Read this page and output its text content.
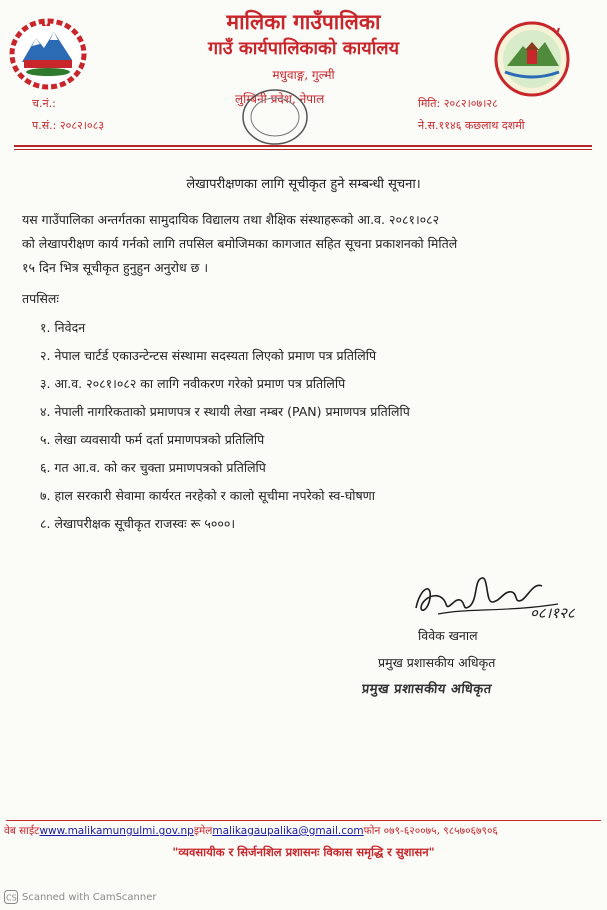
मालिका गाउँपालिका
गाउँ कार्यपालिकाको कार्यालय
मधुवाङ्ग, गुल्मी
लुम्बिनी प्रदेश, नेपाल
च.नं.:
प.सं.: २०८२।०८३
मिति: २०८२।०७।२८
ने.स.११४६ कछलाथ दशमी
लेखापरीक्षणका लागि सूचीकृत हुने सम्बन्धी सूचना।
यस गाउँपालिका अन्तर्गतका सामुदायिक विद्यालय तथा शैक्षिक संस्थाहरूको आ.व. २०८१।०८२
को लेखापरीक्षण कार्य गर्नको लागि तपसिल बमोजिमका कागजात सहित सूचना प्रकाशनको मितिले
१५ दिन भित्र सूचीकृत हुनुहुन अनुरोध छ ।
तपसिलः
१. निवेदन
२. नेपाल चार्टर्ड एकाउन्टेन्टस संस्थामा सदस्यता लिएको प्रमाण पत्र प्रतिलिपि
३. आ.व. २०८१।०८२ का लागि नवीकरण गरेको प्रमाण पत्र प्रतिलिपि
४. नेपाली नागरिकताको प्रमाणपत्र र स्थायी लेखा नम्बर (PAN) प्रमाणपत्र प्रतिलिपि
५. लेखा व्यवसायी फर्म दर्ता प्रमाणपत्रको प्रतिलिपि
६. गत आ.व. को कर चुक्ता प्रमाणपत्रको प्रतिलिपि
७. हाल सरकारी सेवामा कार्यरत नरहेको र कालो सूचीमा नपरेको स्व-घोषणा
८. लेखापरीक्षक सूचीकृत राजस्वः रू ५०००।
०८।१२८
विवेक खनाल
प्रमुख प्रशासकीय अधिकृत
प्रमुख प्रशासकीय अधिकृत
वेब साईटwww.malikamungulmi.gov.npइमेलmalikagaupalika@gmail.comफोन ०७९-६२००७५, ९८५७०६७९०६
"व्यवसायीक र सिर्जनशिल प्रशासनः विकास समृद्धि र सुशासन"
CS Scanned with CamScanner
